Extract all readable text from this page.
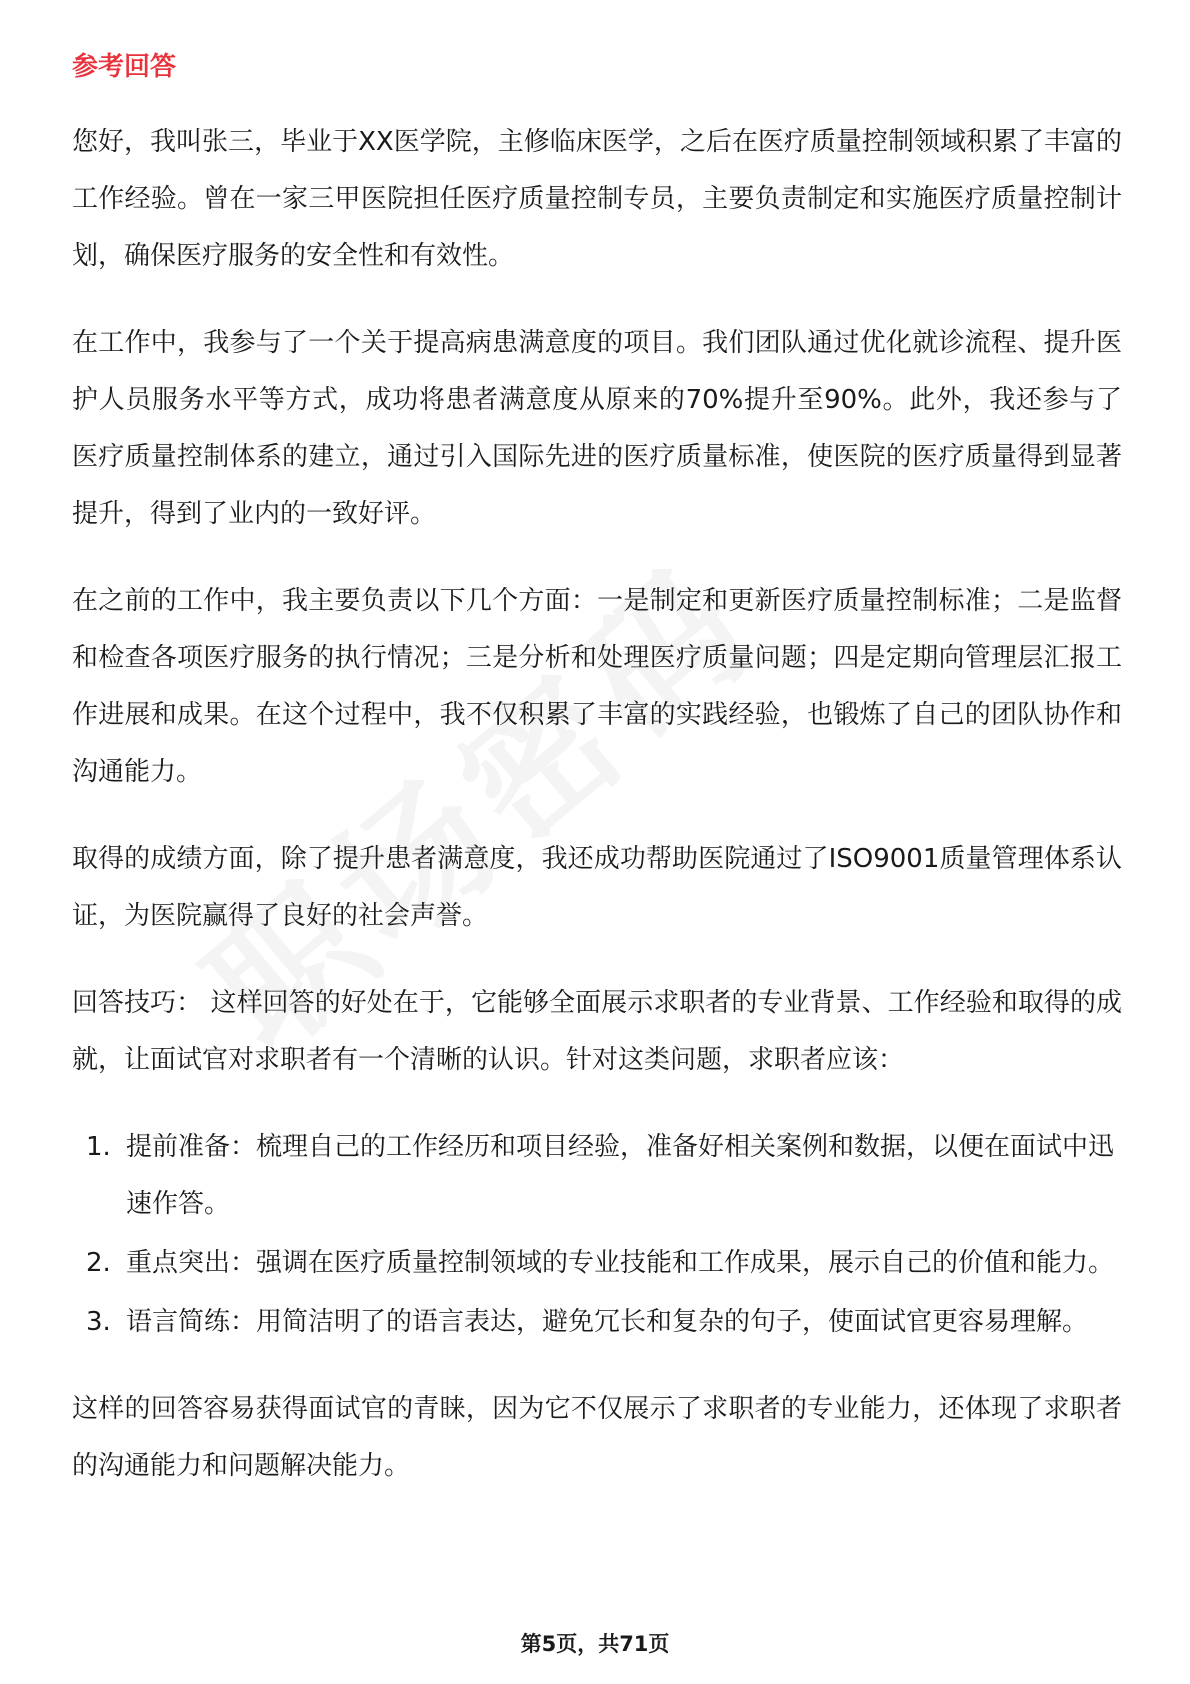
参考回答

您好，我叫张三，毕业于XX医学院，主修临床医学，之后在医疗质量控制领域积累了丰富的工作经验。曾在一家三甲医院担任医疗质量控制专员，主要负责制定和实施医疗质量控制计划，确保医疗服务的安全性和有效性。

在工作中，我参与了一个关于提高病患满意度的项目。我们团队通过优化就诊流程、提升医护人员服务水平等方式，成功将患者满意度从原来的70%提升至90%。此外，我还参与了医疗质量控制体系的建立，通过引入国际先进的医疗质量标准，使医院的医疗质量得到显著提升，得到了业内的一致好评。

在之前的工作中，我主要负责以下几个方面：一是制定和更新医疗质量控制标准；二是监督和检查各项医疗服务的执行情况；三是分析和处理医疗质量问题；四是定期向管理层汇报工作进展和成果。在这个过程中，我不仅积累了丰富的实践经验，也锻炼了自己的团队协作和沟通能力。

取得的成绩方面，除了提升患者满意度，我还成功帮助医院通过了ISO9001质量管理体系认证，为医院赢得了良好的社会声誉。

回答技巧： 这样回答的好处在于，它能够全面展示求职者的专业背景、工作经验和取得的成就，让面试官对求职者有一个清晰的认识。针对这类问题，求职者应该：

1. 提前准备：梳理自己的工作经历和项目经验，准备好相关案例和数据，以便在面试中迅速作答。
2. 重点突出：强调在医疗质量控制领域的专业技能和工作成果，展示自己的价值和能力。
3. 语言简练：用简洁明了的语言表达，避免冗长和复杂的句子，使面试官更容易理解。

这样的回答容易获得面试官的青睐，因为它不仅展示了求职者的专业能力，还体现了求职者的沟通能力和问题解决能力。

第5页，共71页
